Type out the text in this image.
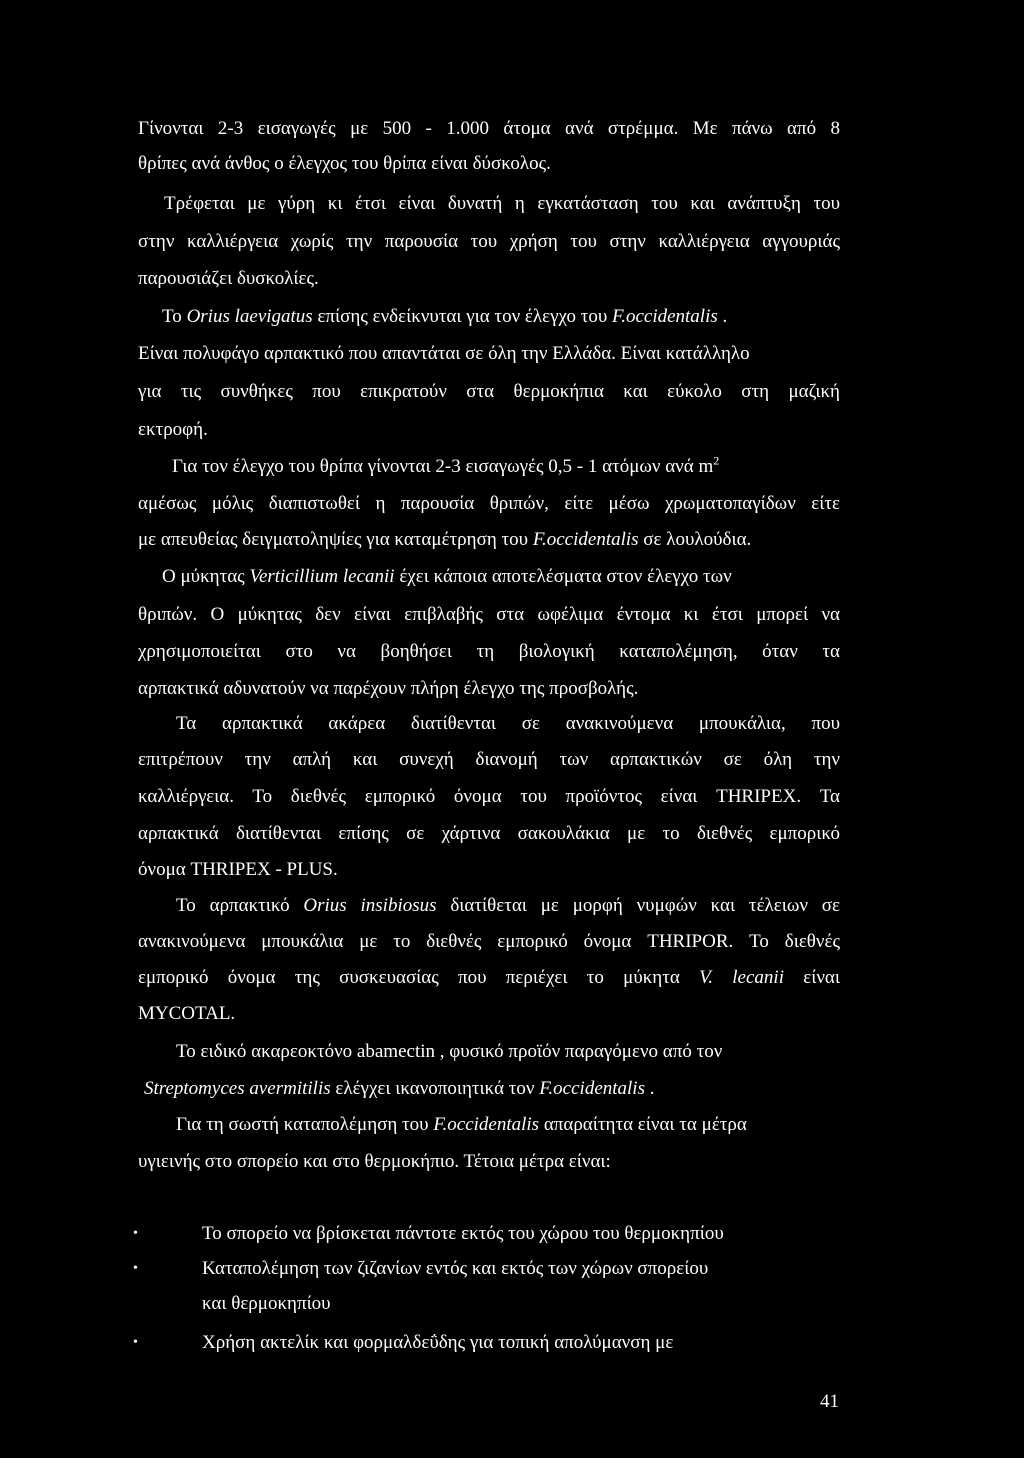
Γίνονται 2-3 εισαγωγές με 500 - 1.000 άτομα ανά στρέμμα. Με πάνω από 8

θρίπες ανά άνθος ο έλεγχος του θρίπα είναι δύσκολος.

Τρέφεται με γύρη κι έτσι είναι δυνατή η εγκατάσταση του και ανάπτυξη του

στην καλλιέργεια χωρίς την παρουσία του χρήση του στην καλλιέργεια αγγουριάς

παρουσιάζει δυσκολίες.

Το Orius laevigatus επίσης ενδείκνυται για τον έλεγχο του F.occidentalis .

Είναι πολυφάγο αρπακτικό που απαντάται σε όλη την Ελλάδα. Είναι κατάλληλο

για τις συνθήκες που επικρατούν στα θερμοκήπια και εύκολο στη μαζική

εκτροφή.

Για τον έλεγχο του θρίπα γίνονται 2-3 εισαγωγές 0,5 - 1 ατόμων ανά $m^2$

αμέσως μόλις διαπιστωθεί η παρουσία θριπών, είτε μέσω χρωματοπαγίδων είτε

με απευθείας δειγματοληψίες για καταμέτρηση του F.occidentalis σε λουλούδια.

Ο μύκητας Verticillium lecanii έχει κάποια αποτελέσματα στον έλεγχο των

θριπών. Ο μύκητας δεν είναι επιβλαβής στα ωφέλιμα έντομα κι έτσι μπορεί να

χρησιμοποιείται στο να βοηθήσει τη βιολογική καταπολέμηση, όταν τα

αρπακτικά αδυνατούν να παρέχουν πλήρη έλεγχο της προσβολής.

Τα αρπακτικά ακάρεα διατίθενται σε ανακινούμενα μπουκάλια, που

επιτρέπουν την απλή και συνεχή διανομή των αρπακτικών σε όλη την

καλλιέργεια. Το διεθνές εμπορικό όνομα του προϊόντος είναι THRIPEX. Τα

αρπακτικά διατίθενται επίσης σε χάρτινα σακουλάκια με το διεθνές εμπορικό

όνομα THRIPEX - PLUS.

Το αρπακτικό Orius insibiosus διατίθεται με μορφή νυμφών και τέλειων σε

ανακινούμενα μπουκάλια με το διεθνές εμπορικό όνομα THRIPOR. Το διεθνές

εμπορικό όνομα της συσκευασίας που περιέχει το μύκητα V. lecanii είναι

MYCOTAL.

Το ειδικό ακαρεοκτόνο abamectin , φυσικό προϊόν παραγόμενο από τον

Streptomyces avermitilis ελέγχει ικανοποιητικά τον F.occidentalis .

Για τη σωστή καταπολέμηση του F.occidentalis απαραίτητα είναι τα μέτρα

υγιεινής στο σπορείο και στο θερμοκήπιο. Τέτοια μέτρα είναι:

•	Το σπορείο να βρίσκεται πάντοτε εκτός του χώρου του θερμοκηπίου

•	Καταπολέμηση των ζιζανίων εντός και εκτός των χώρων σπορείου

και θερμοκηπίου

•	Χρήση ακτελίκ και φορμαλδεΰδης για τοπική απολύμανση με

41
